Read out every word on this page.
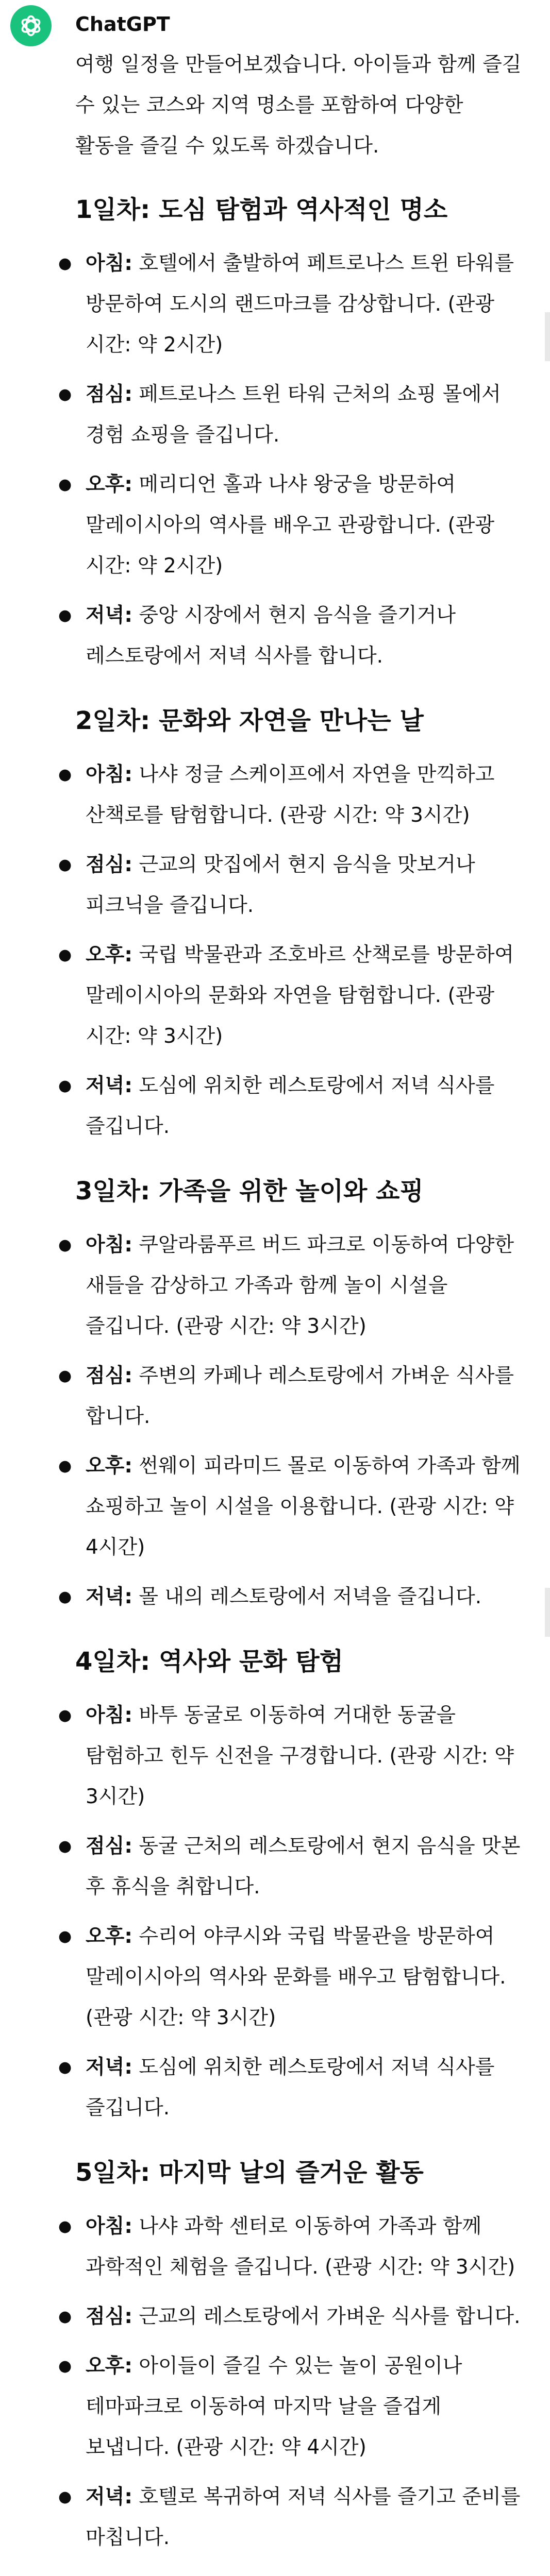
ChatGPT

여행 일정을 만들어보겠습니다. 아이들과 함께 즐길 수 있는 코스와 지역 명소를 포함하여 다양한 활동을 즐길 수 있도록 하겠습니다.

1일차: 도심 탐험과 역사적인 명소
● 아침: 호텔에서 출발하여 페트로나스 트윈 타워를 방문하여 도시의 랜드마크를 감상합니다. (관광 시간: 약 2시간)
● 점심: 페트로나스 트윈 타워 근처의 쇼핑 몰에서 경험 쇼핑을 즐깁니다.
● 오후: 메리디언 홀과 나샤 왕궁을 방문하여 말레이시아의 역사를 배우고 관광합니다. (관광 시간: 약 2시간)
● 저녁: 중앙 시장에서 현지 음식을 즐기거나 레스토랑에서 저녁 식사를 합니다.
2일차: 문화와 자연을 만나는 날
● 아침: 나샤 정글 스케이프에서 자연을 만끽하고 산책로를 탐험합니다. (관광 시간: 약 3시간)
● 점심: 근교의 맛집에서 현지 음식을 맛보거나 피크닉을 즐깁니다.
● 오후: 국립 박물관과 조호바르 산책로를 방문하여 말레이시아의 문화와 자연을 탐험합니다. (관광 시간: 약 3시간)
● 저녁: 도심에 위치한 레스토랑에서 저녁 식사를 즐깁니다.
3일차: 가족을 위한 놀이와 쇼핑
● 아침: 쿠알라룸푸르 버드 파크로 이동하여 다양한 새들을 감상하고 가족과 함께 놀이 시설을 즐깁니다. (관광 시간: 약 3시간)
● 점심: 주변의 카페나 레스토랑에서 가벼운 식사를 합니다.
● 오후: 썬웨이 피라미드 몰로 이동하여 가족과 함께 쇼핑하고 놀이 시설을 이용합니다. (관광 시간: 약 4시간)
● 저녁: 몰 내의 레스토랑에서 저녁을 즐깁니다.
4일차: 역사와 문화 탐험
● 아침: 바투 동굴로 이동하여 거대한 동굴을 탐험하고 힌두 신전을 구경합니다. (관광 시간: 약 3시간)
● 점심: 동굴 근처의 레스토랑에서 현지 음식을 맛본 후 휴식을 취합니다.
● 오후: 수리어 야쿠시와 국립 박물관을 방문하여 말레이시아의 역사와 문화를 배우고 탐험합니다. (관광 시간: 약 3시간)
● 저녁: 도심에 위치한 레스토랑에서 저녁 식사를 즐깁니다.
5일차: 마지막 날의 즐거운 활동
● 아침: 나샤 과학 센터로 이동하여 가족과 함께 과학적인 체험을 즐깁니다. (관광 시간: 약 3시간)
● 점심: 근교의 레스토랑에서 가벼운 식사를 합니다.
● 오후: 아이들이 즐길 수 있는 놀이 공원이나 테마파크로 이동하여 마지막 날을 즐겁게 보냅니다. (관광 시간: 약 4시간)
● 저녁: 호텔로 복귀하여 저녁 식사를 즐기고 준비를 마칩니다.
